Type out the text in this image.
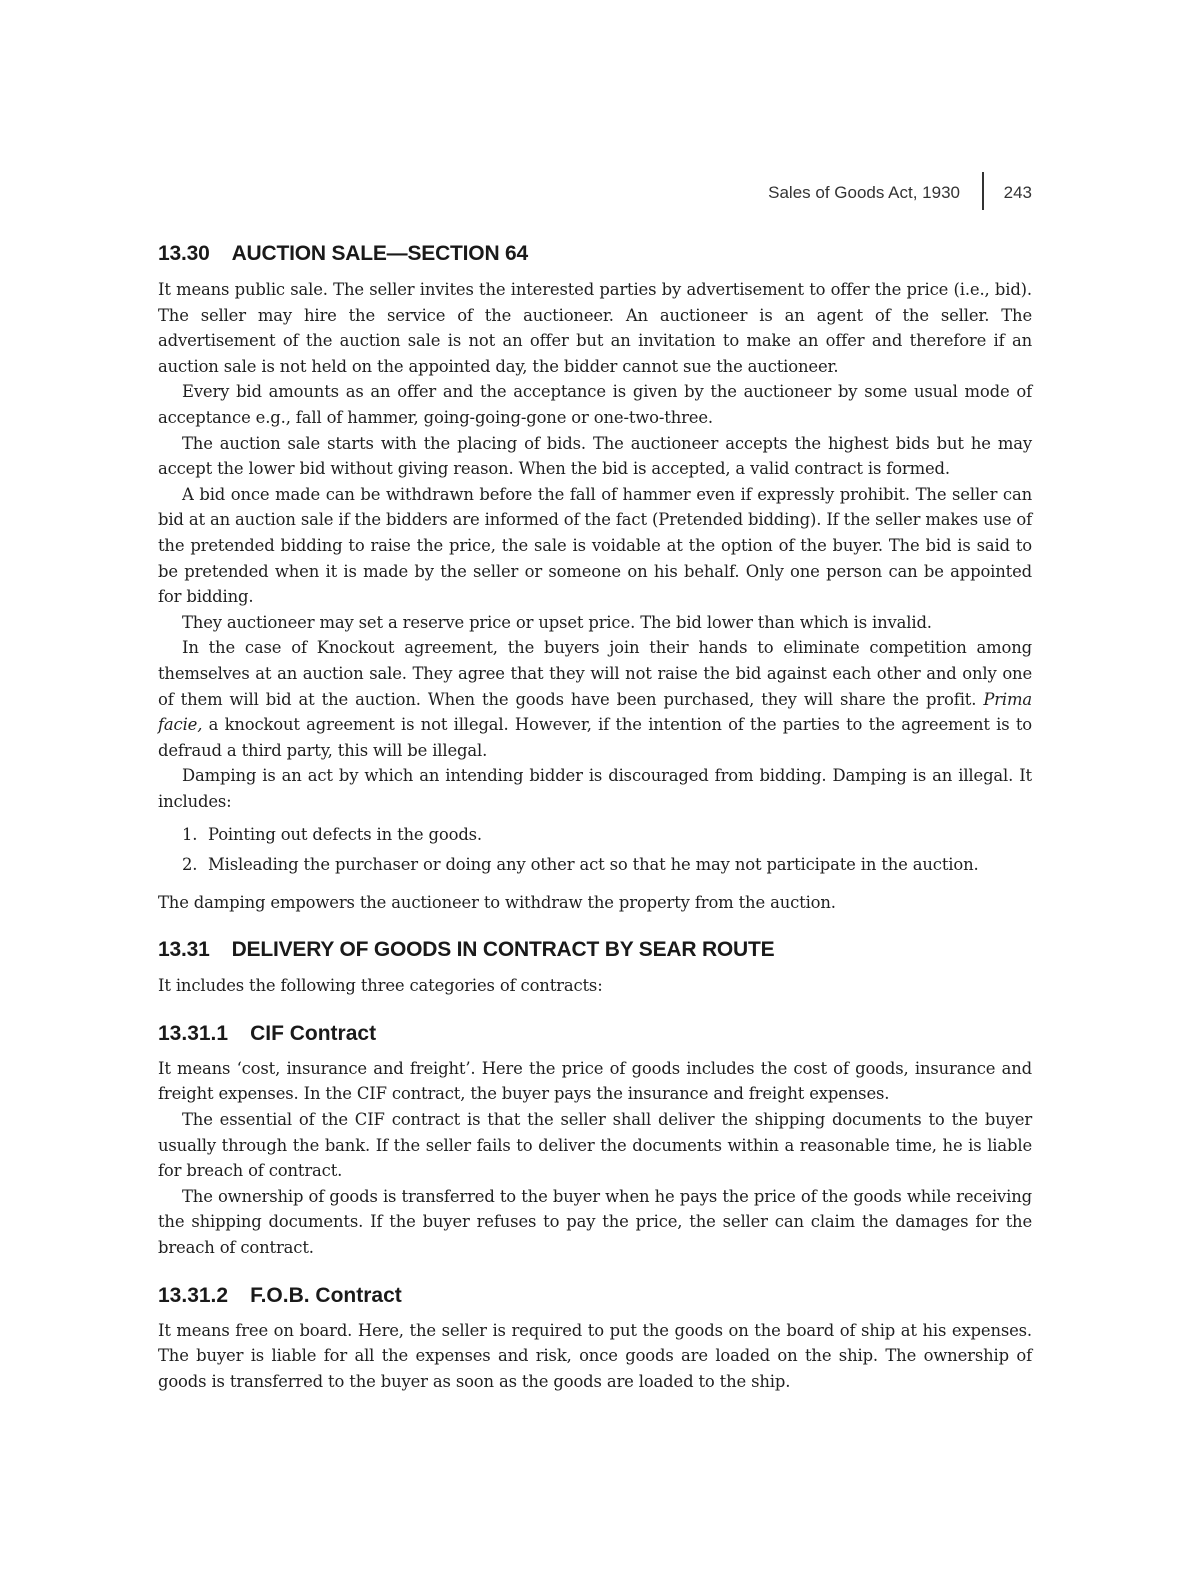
Sales of Goods Act, 1930	243
13.30 AUCTION SALE—SECTION 64

It means public sale. The seller invites the interested parties by advertisement to offer the price (i.e., bid). The seller may hire the service of the auctioneer. An auctioneer is an agent of the seller. The advertisement of the auction sale is not an offer but an invitation to make an offer and therefore if an auction sale is not held on the appointed day, the bidder cannot sue the auctioneer.

Every bid amounts as an offer and the acceptance is given by the auctioneer by some usual mode of acceptance e.g., fall of hammer, going-going-gone or one-two-three.

The auction sale starts with the placing of bids. The auctioneer accepts the highest bids but he may accept the lower bid without giving reason. When the bid is accepted, a valid contract is formed.

A bid once made can be withdrawn before the fall of hammer even if expressly prohibit. The seller can bid at an auction sale if the bidders are informed of the fact (Pretended bidding). If the seller makes use of the pretended bidding to raise the price, the sale is voidable at the option of the buyer. The bid is said to be pretended when it is made by the seller or someone on his behalf. Only one person can be appointed for bidding.

They auctioneer may set a reserve price or upset price. The bid lower than which is invalid.

In the case of Knockout agreement, the buyers join their hands to eliminate competition among themselves at an auction sale. They agree that they will not raise the bid against each other and only one of them will bid at the auction. When the goods have been purchased, they will share the profit. Prima facie, a knockout agreement is not illegal. However, if the intention of the parties to the agreement is to defraud a third party, this will be illegal.

Damping is an act by which an intending bidder is discouraged from bidding. Damping is an illegal. It includes:

1. Pointing out defects in the goods.
2. Misleading the purchaser or doing any other act so that he may not participate in the auction.

The damping empowers the auctioneer to withdraw the property from the auction.

13.31 DELIVERY OF GOODS IN CONTRACT BY SEAR ROUTE

It includes the following three categories of contracts:

13.31.1 CIF Contract

It means ‘cost, insurance and freight’. Here the price of goods includes the cost of goods, insurance and freight expenses. In the CIF contract, the buyer pays the insurance and freight expenses.

The essential of the CIF contract is that the seller shall deliver the shipping documents to the buyer usually through the bank. If the seller fails to deliver the documents within a reasonable time, he is liable for breach of contract.

The ownership of goods is transferred to the buyer when he pays the price of the goods while receiving the shipping documents. If the buyer refuses to pay the price, the seller can claim the damages for the breach of contract.

13.31.2 F.O.B. Contract

It means free on board. Here, the seller is required to put the goods on the board of ship at his expenses. The buyer is liable for all the expenses and risk, once goods are loaded on the ship. The ownership of goods is transferred to the buyer as soon as the goods are loaded to the ship.
